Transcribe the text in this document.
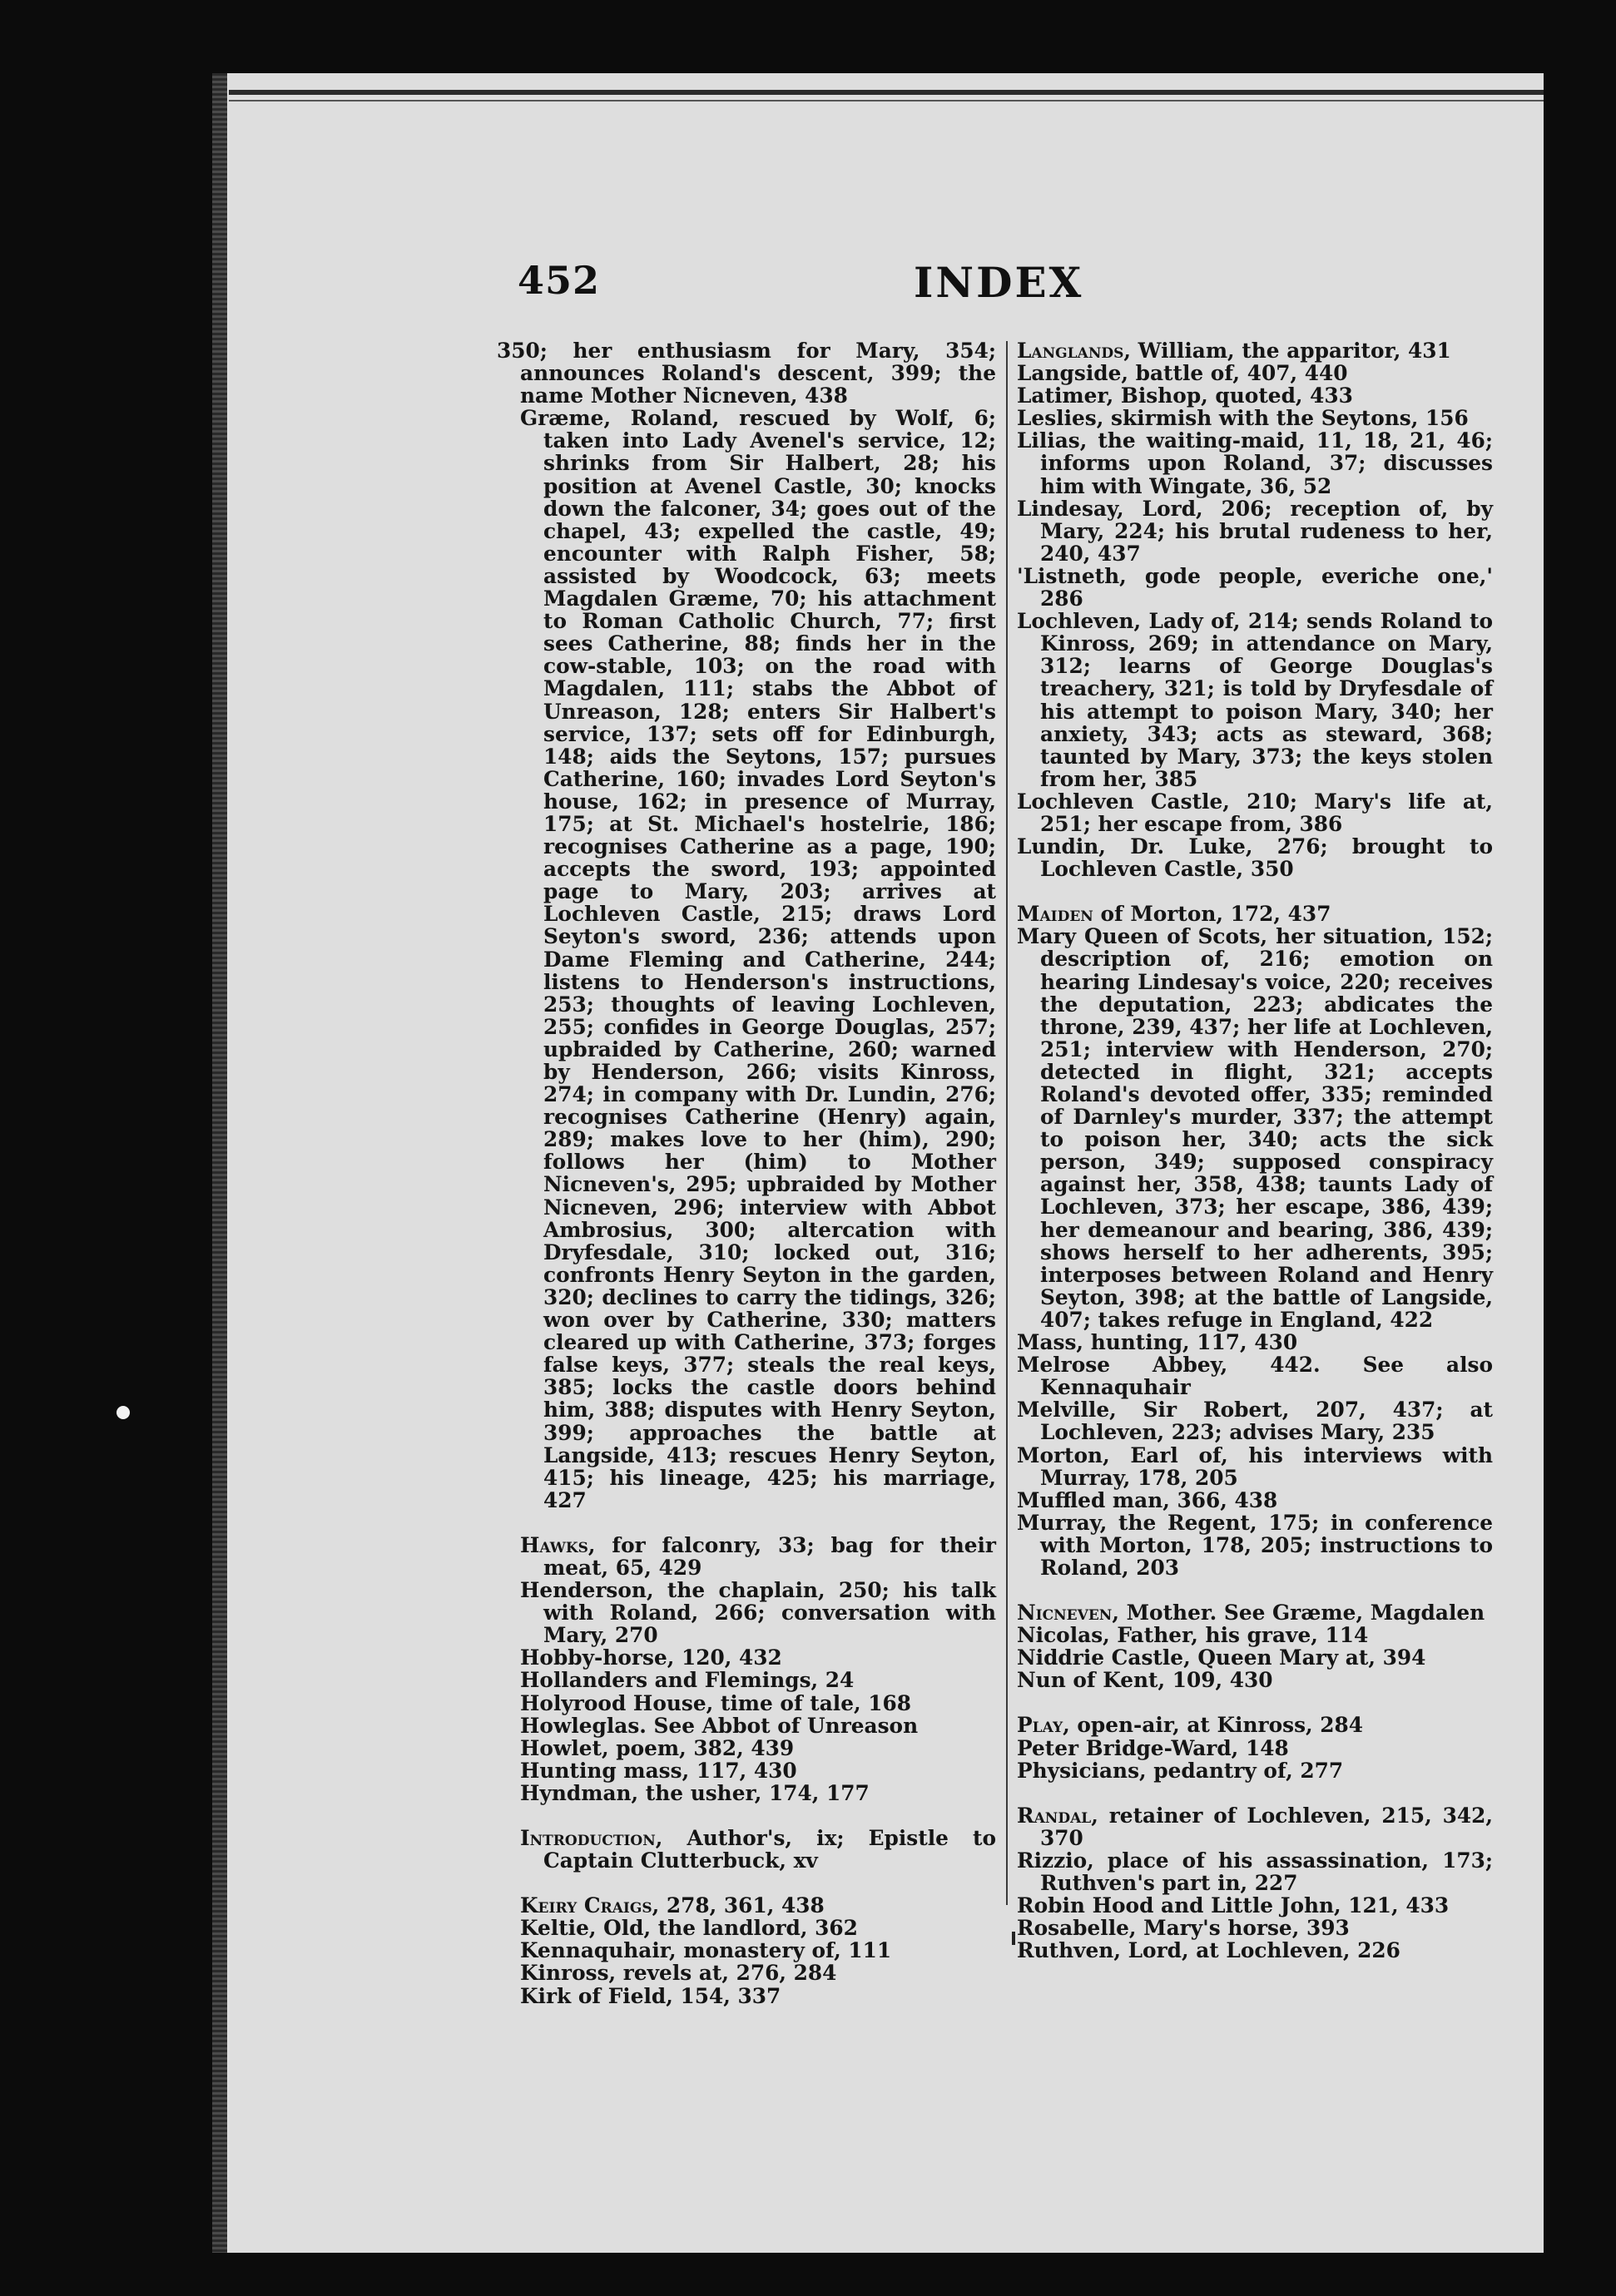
452	INDEX

350; her enthusiasm for Mary, 354; announces Roland's descent, 399; the name Mother Nicneven, 438

Græme, Roland, rescued by Wolf, 6; taken into Lady Avenel's service, 12; shrinks from Sir Halbert, 28; his position at Avenel Castle, 30; knocks down the falconer, 34; goes out of the chapel, 43; expelled the castle, 49; encounter with Ralph Fisher, 58; assisted by Woodcock, 63; meets Magdalen Græme, 70; his attachment to Roman Catholic Church, 77; first sees Catherine, 88; finds her in the cow-stable, 103; on the road with Magdalen, 111; stabs the Abbot of Unreason, 128; enters Sir Halbert's service, 137; sets off for Edinburgh, 148; aids the Seytons, 157; pursues Catherine, 160; invades Lord Seyton's house, 162; in presence of Murray, 175; at St. Michael's hostelrie, 186; recognises Catherine as a page, 190; accepts the sword, 193; appointed page to Mary, 203; arrives at Lochleven Castle, 215; draws Lord Seyton's sword, 236; attends upon Dame Fleming and Catherine, 244; listens to Henderson's instructions, 253; thoughts of leaving Lochleven, 255; confides in George Douglas, 257; upbraided by Catherine, 260; warned by Henderson, 266; visits Kinross, 274; in company with Dr. Lundin, 276; recognises Catherine (Henry) again, 289; makes love to her (him), 290; follows her (him) to Mother Nicneven's, 295; upbraided by Mother Nicneven, 296; interview with Abbot Ambrosius, 300; altercation with Dryfesdale, 310; locked out, 316; confronts Henry Seyton in the garden, 320; declines to carry the tidings, 326; won over by Catherine, 330; matters cleared up with Catherine, 373; forges false keys, 377; steals the real keys, 385; locks the castle doors behind him, 388; disputes with Henry Seyton, 399; approaches the battle at Langside, 413; rescues Henry Seyton, 415; his lineage, 425; his marriage, 427

Hawks, for falconry, 33; bag for their meat, 65, 429

Henderson, the chaplain, 250; his talk with Roland, 266; conversation with Mary, 270

Hobby-horse, 120, 432

Hollanders and Flemings, 24

Holyrood House, time of tale, 168

Howleglas. See Abbot of Unreason

Howlet, poem, 382, 439

Hunting mass, 117, 430

Hyndman, the usher, 174, 177

Introduction, Author's, ix; Epistle to Captain Clutterbuck, xv

Keiry Craigs, 278, 361, 438

Keltie, Old, the landlord, 362

Kennaquhair, monastery of, 111

Kinross, revels at, 276, 284

Kirk of Field, 154, 337

Langlands, William, the apparitor, 431

Langside, battle of, 407, 440

Latimer, Bishop, quoted, 433

Leslies, skirmish with the Seytons, 156

Lilias, the waiting-maid, 11, 18, 21, 46; informs upon Roland, 37; discusses him with Wingate, 36, 52

Lindesay, Lord, 206; reception of, by Mary, 224; his brutal rudeness to her, 240, 437

'Listneth, gode people, everiche one,' 286

Lochleven, Lady of, 214; sends Roland to Kinross, 269; in attendance on Mary, 312; learns of George Douglas's treachery, 321; is told by Dryfesdale of his attempt to poison Mary, 340; her anxiety, 343; acts as steward, 368; taunted by Mary, 373; the keys stolen from her, 385

Lochleven Castle, 210; Mary's life at, 251; her escape from, 386

Lundin, Dr. Luke, 276; brought to Lochleven Castle, 350

Maiden of Morton, 172, 437

Mary Queen of Scots, her situation, 152; description of, 216; emotion on hearing Lindesay's voice, 220; receives the deputation, 223; abdicates the throne, 239, 437; her life at Lochleven, 251; interview with Henderson, 270; detected in flight, 321; accepts Roland's devoted offer, 335; reminded of Darnley's murder, 337; the attempt to poison her, 340; acts the sick person, 349; supposed conspiracy against her, 358, 438; taunts Lady of Lochleven, 373; her escape, 386, 439; her demeanour and bearing, 386, 439; shows herself to her adherents, 395; interposes between Roland and Henry Seyton, 398; at the battle of Langside, 407; takes refuge in England, 422

Mass, hunting, 117, 430

Melrose Abbey, 442. See also Kennaquhair

Melville, Sir Robert, 207, 437; at Lochleven, 223; advises Mary, 235

Morton, Earl of, his interviews with Murray, 178, 205

Muffled man, 366, 438

Murray, the Regent, 175; in conference with Morton, 178, 205; instructions to Roland, 203

Nicneven, Mother. See Græme, Magdalen

Nicolas, Father, his grave, 114

Niddrie Castle, Queen Mary at, 394

Nun of Kent, 109, 430

Play, open-air, at Kinross, 284

Peter Bridge-Ward, 148

Physicians, pedantry of, 277

Randal, retainer of Lochleven, 215, 342, 370

Rizzio, place of his assassination, 173; Ruthven's part in, 227

Robin Hood and Little John, 121, 433

Rosabelle, Mary's horse, 393

Ruthven, Lord, at Lochleven, 226
